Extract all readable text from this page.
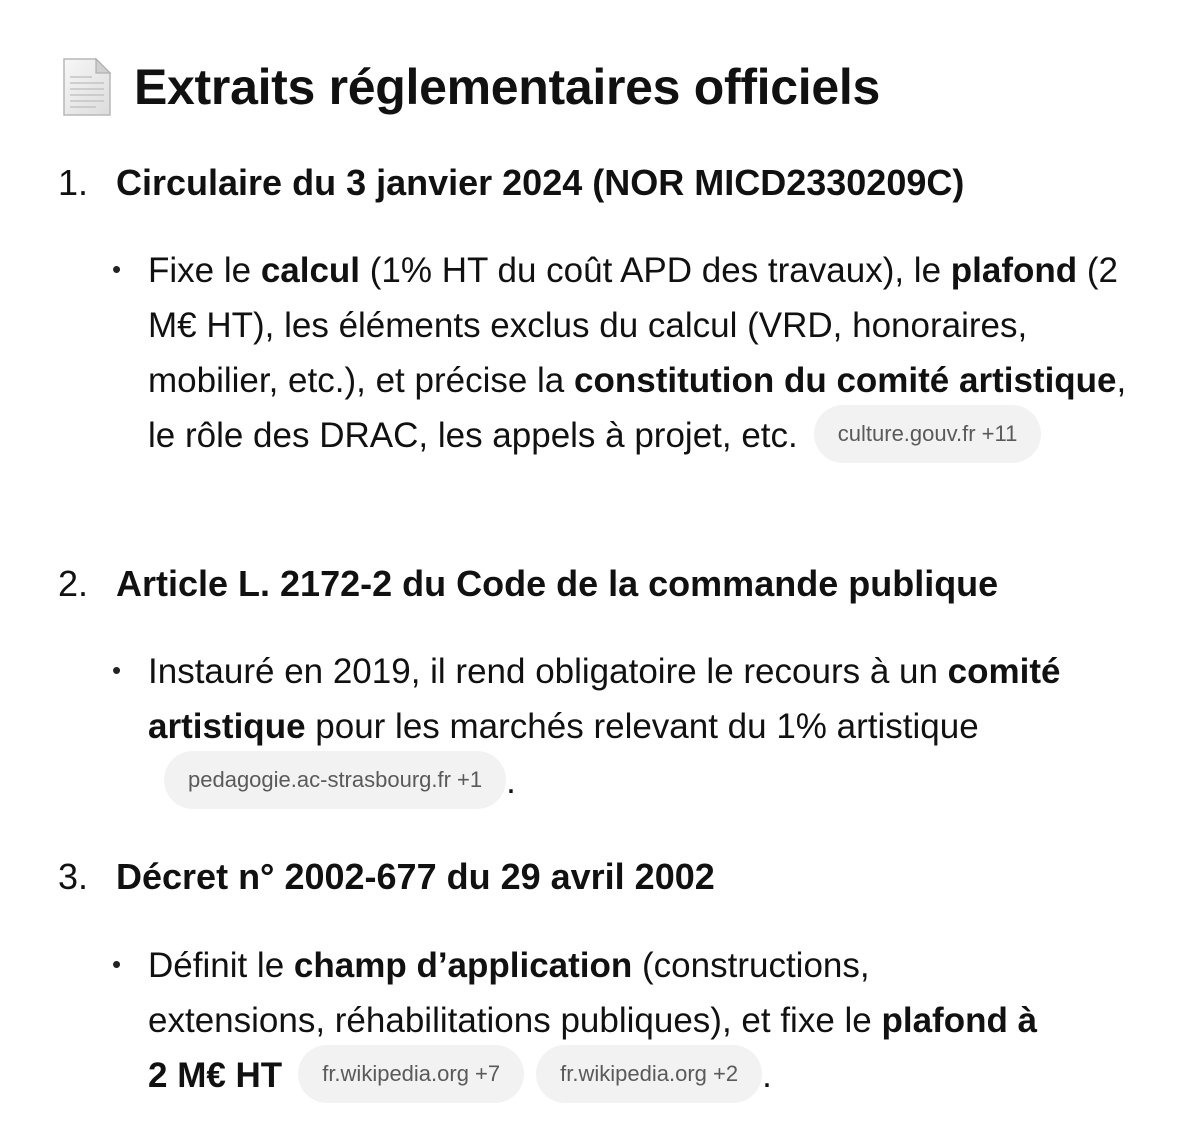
Extraits réglementaires officiels
1. Circulaire du 3 janvier 2024 (NOR MICD2330209C)
• Fixe le calcul (1% HT du coût APD des travaux), le plafond (2 M€ HT), les éléments exclus du calcul (VRD, honoraires, mobilier, etc.), et précise la constitution du comité artistique, le rôle des DRAC, les appels à projet, etc. culture.gouv.fr +11
2. Article L. 2172-2 du Code de la commande publique
• Instauré en 2019, il rend obligatoire le recours à un comité artistique pour les marchés relevant du 1% artistiquepedagogie.ac-strasbourg.fr +1 .
3. Décret n° 2002-677 du 29 avril 2002
• Définit le champ d’application (constructions, extensions, réhabilitations publiques), et fixe le plafond à 2 M€ HT fr.wikipedia.org +7	fr.wikipedia.org +2 .
